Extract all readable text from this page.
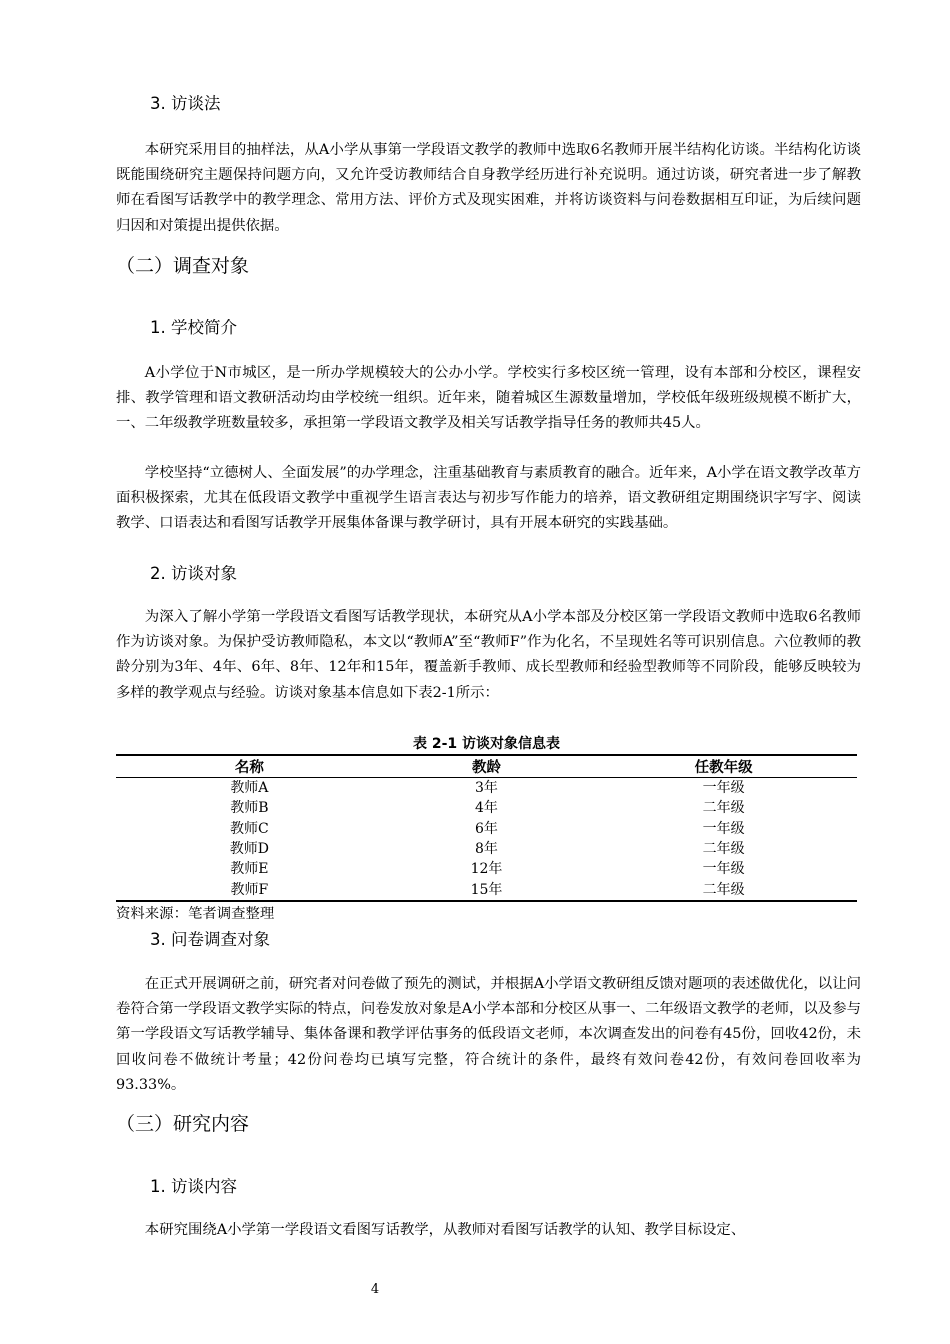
3. 访谈法

本研究采用目的抽样法，从A小学从事第一学段语文教学的教师中选取6名教师开展半结构化访谈。半结构化访谈既能围绕研究主题保持问题方向，又允许受访教师结合自身教学经历进行补充说明。通过访谈，研究者进一步了解教师在看图写话教学中的教学理念、常用方法、评价方式及现实困难，并将访谈资料与问卷数据相互印证，为后续问题归因和对策提出提供依据。

（二）调查对象
1. 学校简介

A小学位于N市城区，是一所办学规模较大的公办小学。学校实行多校区统一管理，设有本部和分校区，课程安排、教学管理和语文教研活动均由学校统一组织。近年来，随着城区生源数量增加，学校低年级班级规模不断扩大，一、二年级教学班数量较多，承担第一学段语文教学及相关写话教学指导任务的教师共45人。

学校坚持“立德树人、全面发展”的办学理念，注重基础教育与素质教育的融合。近年来，A小学在语文教学改革方面积极探索，尤其在低段语文教学中重视学生语言表达与初步写作能力的培养，语文教研组定期围绕识字写字、阅读教学、口语表达和看图写话教学开展集体备课与教学研讨，具有开展本研究的实践基础。

2. 访谈对象

为深入了解小学第一学段语文看图写话教学现状，本研究从A小学本部及分校区第一学段语文教师中选取6名教师作为访谈对象。为保护受访教师隐私，本文以“教师A”至“教师F”作为化名，不呈现姓名等可识别信息。六位教师的教龄分别为3年、4年、6年、8年、12年和15年，覆盖新手教师、成长型教师和经验型教师等不同阶段，能够反映较为多样的教学观点与经验。访谈对象基本信息如下表2-1所示：

表 2-1 访谈对象信息表
名称	教龄	任教年级
教师A	3年	一年级
教师B	4年	二年级
教师C	6年	一年级
教师D	8年	二年级
教师E	12年	一年级
教师F	15年	二年级
资料来源：笔者调查整理
3. 问卷调查对象

在正式开展调研之前，研究者对问卷做了预先的测试，并根据A小学语文教研组反馈对题项的表述做优化，以让问卷符合第一学段语文教学实际的特点，问卷发放对象是A小学本部和分校区从事一、二年级语文教学的老师，以及参与第一学段语文写话教学辅导、集体备课和教学评估事务的低段语文老师，本次调查发出的问卷有45份，回收42份，未回收问卷不做统计考量；42份问卷均已填写完整，符合统计的条件，最终有效问卷42份，有效问卷回收率为93.33%。

（三）研究内容
1. 访谈内容

本研究围绕A小学第一学段语文看图写话教学，从教师对看图写话教学的认知、教学目标设定、

4
